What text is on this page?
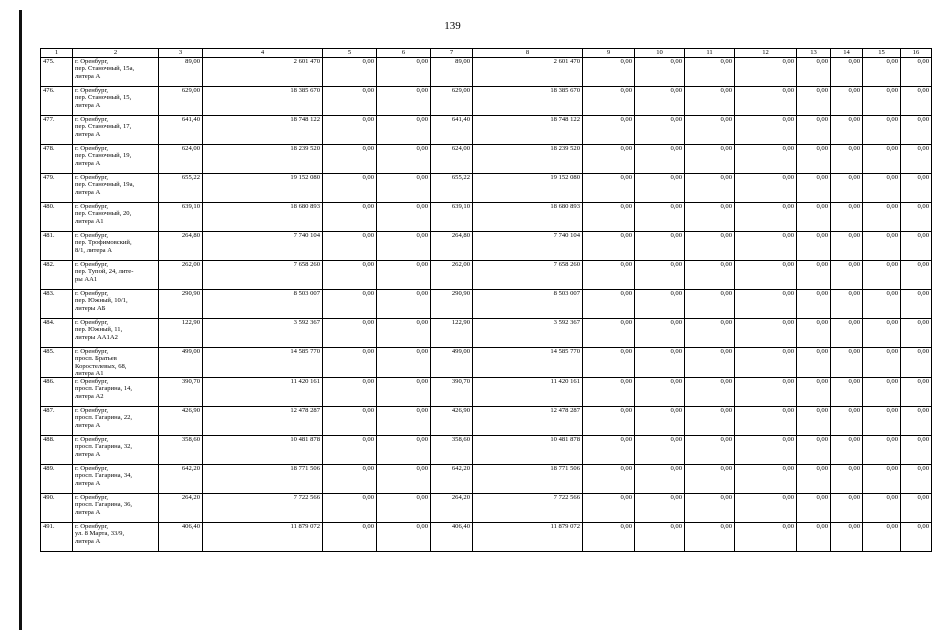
139
1	2	3	4	5	6	7	8	9	10	11	12	13	14	15	16
475.	г. Оренбург,
пер. Станочный, 15а,
литера А	89,00	2 601 470	0,00	0,00	89,00	2 601 470	0,00	0,00	0,00	0,00	0,00	0,00	0,00	0,00
476.	г. Оренбург,
пер. Станочный, 15,
литера А	629,00	18 385 670	0,00	0,00	629,00	18 385 670	0,00	0,00	0,00	0,00	0,00	0,00	0,00	0,00
477.	г. Оренбург,
пер. Станочный, 17,
литера А	641,40	18 748 122	0,00	0,00	641,40	18 748 122	0,00	0,00	0,00	0,00	0,00	0,00	0,00	0,00
478.	г. Оренбург,
пер. Станочный, 19,
литера А	624,00	18 239 520	0,00	0,00	624,00	18 239 520	0,00	0,00	0,00	0,00	0,00	0,00	0,00	0,00
479.	г. Оренбург,
пер. Станочный, 19а,
литера А	655,22	19 152 080	0,00	0,00	655,22	19 152 080	0,00	0,00	0,00	0,00	0,00	0,00	0,00	0,00
480.	г. Оренбург,
пер. Станочный, 20,
литера А1	639,10	18 680 893	0,00	0,00	639,10	18 680 893	0,00	0,00	0,00	0,00	0,00	0,00	0,00	0,00
481.	г. Оренбург,
пер. Трофимовский,
8/1, литера А	264,80	7 740 104	0,00	0,00	264,80	7 740 104	0,00	0,00	0,00	0,00	0,00	0,00	0,00	0,00
482.	г. Оренбург,
пер. Тупой, 24, лите-
ры АА1	262,00	7 658 260	0,00	0,00	262,00	7 658 260	0,00	0,00	0,00	0,00	0,00	0,00	0,00	0,00
483.	г. Оренбург,
пер. Южный, 10/1,
литеры АБ	290,90	8 503 007	0,00	0,00	290,90	8 503 007	0,00	0,00	0,00	0,00	0,00	0,00	0,00	0,00
484.	г. Оренбург,
пер. Южный, 11,
литеры АА1А2	122,90	3 592 367	0,00	0,00	122,90	3 592 367	0,00	0,00	0,00	0,00	0,00	0,00	0,00	0,00
485.	г. Оренбург,
просп. Братьев
Коростелевых, 68,
литера А1	499,00	14 585 770	0,00	0,00	499,00	14 585 770	0,00	0,00	0,00	0,00	0,00	0,00	0,00	0,00
486.	г. Оренбург,
просп. Гагарина, 14,
литера А2	390,70	11 420 161	0,00	0,00	390,70	11 420 161	0,00	0,00	0,00	0,00	0,00	0,00	0,00	0,00
487.	г. Оренбург,
просп. Гагарина, 22,
литера А	426,90	12 478 287	0,00	0,00	426,90	12 478 287	0,00	0,00	0,00	0,00	0,00	0,00	0,00	0,00
488.	г. Оренбург,
просп. Гагарина, 32,
литера А	358,60	10 481 878	0,00	0,00	358,60	10 481 878	0,00	0,00	0,00	0,00	0,00	0,00	0,00	0,00
489.	г. Оренбург,
просп. Гагарина, 34,
литера А	642,20	18 771 506	0,00	0,00	642,20	18 771 506	0,00	0,00	0,00	0,00	0,00	0,00	0,00	0,00
490.	г. Оренбург,
просп. Гагарина, 36,
литера А	264,20	7 722 566	0,00	0,00	264,20	7 722 566	0,00	0,00	0,00	0,00	0,00	0,00	0,00	0,00
491.	г. Оренбург,
ул. 8 Марта, 33/9,
литера А	406,40	11 879 072	0,00	0,00	406,40	11 879 072	0,00	0,00	0,00	0,00	0,00	0,00	0,00	0,00
